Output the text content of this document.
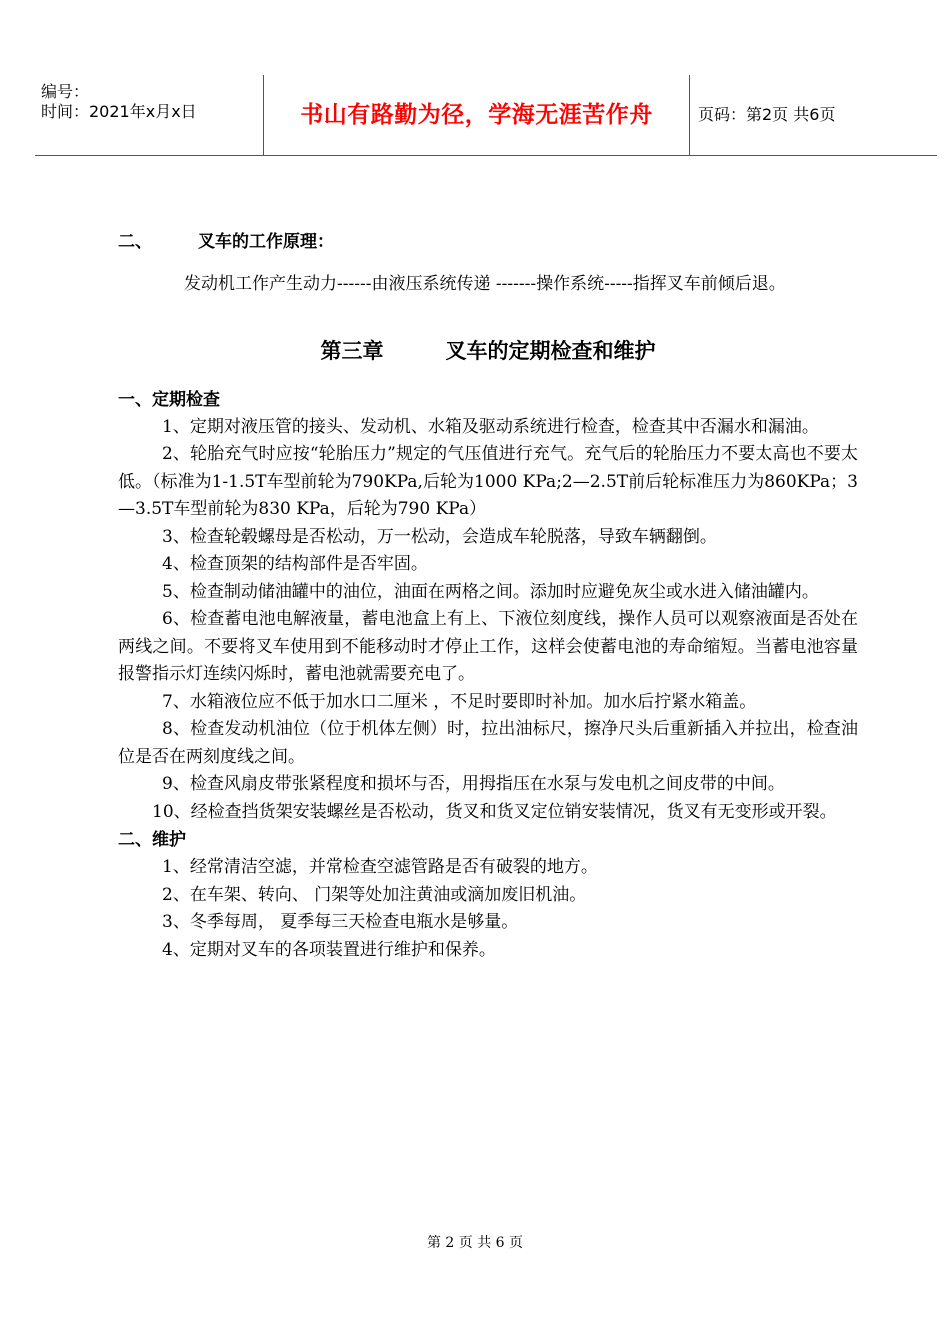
编号：
时间：2021年x月x日	书山有路勤为径，学海无涯苦作舟	页码：第2页 共6页
二、	叉车的工作原理：

发动机工作产生动力------由液压系统传递 -------操作系统-----指挥叉车前倾后退。

第三章	叉车的定期检查和维护
一、定期检查

1、定期对液压管的接头、发动机、水箱及驱动系统进行检查，检查其中否漏水和漏油。

2、轮胎充气时应按“轮胎压力”规定的气压值进行充气。充气后的轮胎压力不要太高也不要太低。（标准为1-1.5T车型前轮为790KPa,后轮为1000 KPa;2—2.5T前后轮标准压力为860KPa；3—3.5T车型前轮为830 KPa，后轮为790 KPa）

3、检查轮毂螺母是否松动，万一松动，会造成车轮脱落，导致车辆翻倒。

4、检查顶架的结构部件是否牢固。

5、检查制动储油罐中的油位，油面在两格之间。添加时应避免灰尘或水进入储油罐内。

6、检查蓄电池电解液量，蓄电池盒上有上、下液位刻度线，操作人员可以观察液面是否处在两线之间。不要将叉车使用到不能移动时才停止工作，这样会使蓄电池的寿命缩短。当蓄电池容量报警指示灯连续闪烁时，蓄电池就需要充电了。

7、水箱液位应不低于加水口二厘米 ，不足时要即时补加。加水后拧紧水箱盖。

8、检查发动机油位（位于机体左侧）时，拉出油标尺，擦净尺头后重新插入并拉出，检查油位是否在两刻度线之间。

9、检查风扇皮带张紧程度和损坏与否，用拇指压在水泵与发电机之间皮带的中间。

10、经检查挡货架安装螺丝是否松动，货叉和货叉定位销安装情况，货叉有无变形或开裂。

二、维护

1、经常清洁空滤，并常检查空滤管路是否有破裂的地方。

2、在车架、转向、 门架等处加注黄油或滴加废旧机油。

3、冬季每周， 夏季每三天检查电瓶水是够量。

4、定期对叉车的各项装置进行维护和保养。

第 2 页 共 6 页
